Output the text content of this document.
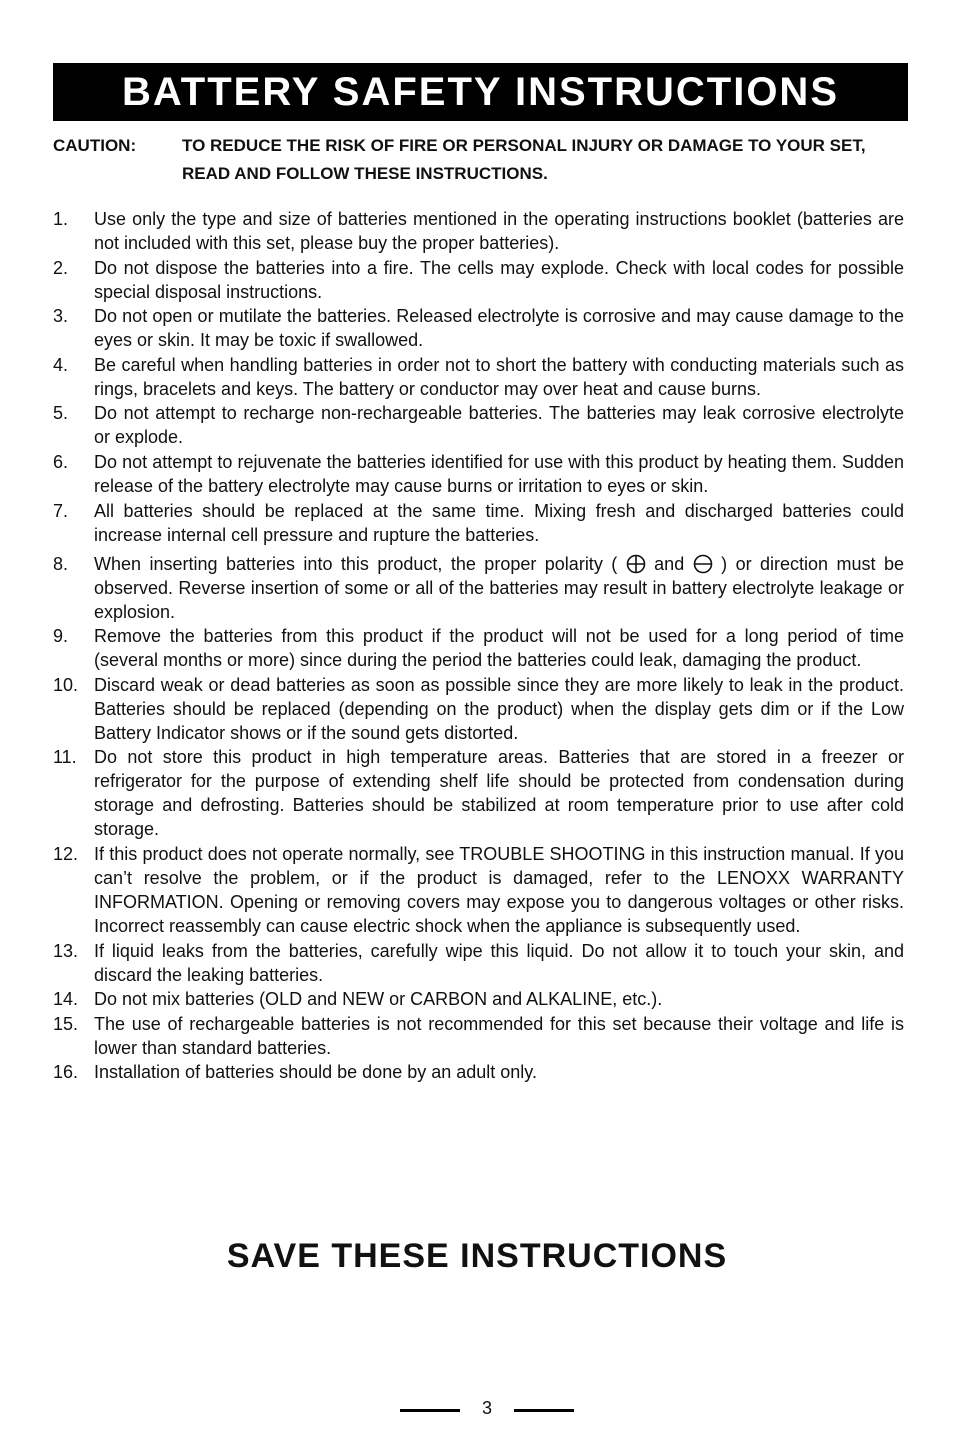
BATTERY SAFETY INSTRUCTIONS
CAUTION:	TO REDUCE THE RISK OF FIRE OR PERSONAL INJURY OR DAMAGE TO YOUR SET, READ AND FOLLOW THESE INSTRUCTIONS.
1. Use only the type and size of batteries mentioned in the operating instructions booklet (batteries are not included with this set, please buy the proper batteries).
2. Do not dispose the batteries into a fire. The cells may explode. Check with local codes for possible special disposal instructions.
3. Do not open or mutilate the batteries. Released electrolyte is corrosive and may cause damage to the eyes or skin. It may be toxic if swallowed.
4. Be careful when handling batteries in order not to short the battery with conducting materials such as rings, bracelets and keys. The battery or conductor may over heat and cause burns.
5. Do not attempt to recharge non-rechargeable batteries. The batteries may leak corrosive electrolyte or explode.
6. Do not attempt to rejuvenate the batteries identified for use with this product by heating them. Sudden release of the battery electrolyte may cause burns or irritation to eyes or skin.
7. All batteries should be replaced at the same time. Mixing fresh and discharged batteries could increase internal cell pressure and rupture the batteries.
8. When inserting batteries into this product, the proper polarity ( and ) or direction must be observed. Reverse insertion of some or all of the batteries may result in battery electrolyte leakage or explosion.
9. Remove the batteries from this product if the product will not be used for a long period of time (several months or more) since during the period the batteries could leak, damaging the product.
10. Discard weak or dead batteries as soon as possible since they are more likely to leak in the product. Batteries should be replaced (depending on the product) when the display gets dim or if the Low Battery Indicator shows or if the sound gets distorted.
11. Do not store this product in high temperature areas. Batteries that are stored in a freezer or refrigerator for the purpose of extending shelf life should be protected from condensation during storage and defrosting. Batteries should be stabilized at room temperature prior to use after cold storage.
12. If this product does not operate normally, see TROUBLE SHOOTING in this instruction manual. If you can’t resolve the problem, or if the product is damaged, refer to the LENOXX WARRANTY INFORMATION. Opening or removing covers may expose you to dangerous voltages or other risks. Incorrect reassembly can cause electric shock when the appliance is subsequently used.
13. If liquid leaks from the batteries, carefully wipe this liquid. Do not allow it to touch your skin, and discard the leaking batteries.
14. Do not mix batteries (OLD and NEW or CARBON and ALKALINE, etc.).
15. The use of rechargeable batteries is not recommended for this set because their voltage and life is lower than standard batteries.
16. Installation of batteries should be done by an adult only.
SAVE THESE INSTRUCTIONS
3
